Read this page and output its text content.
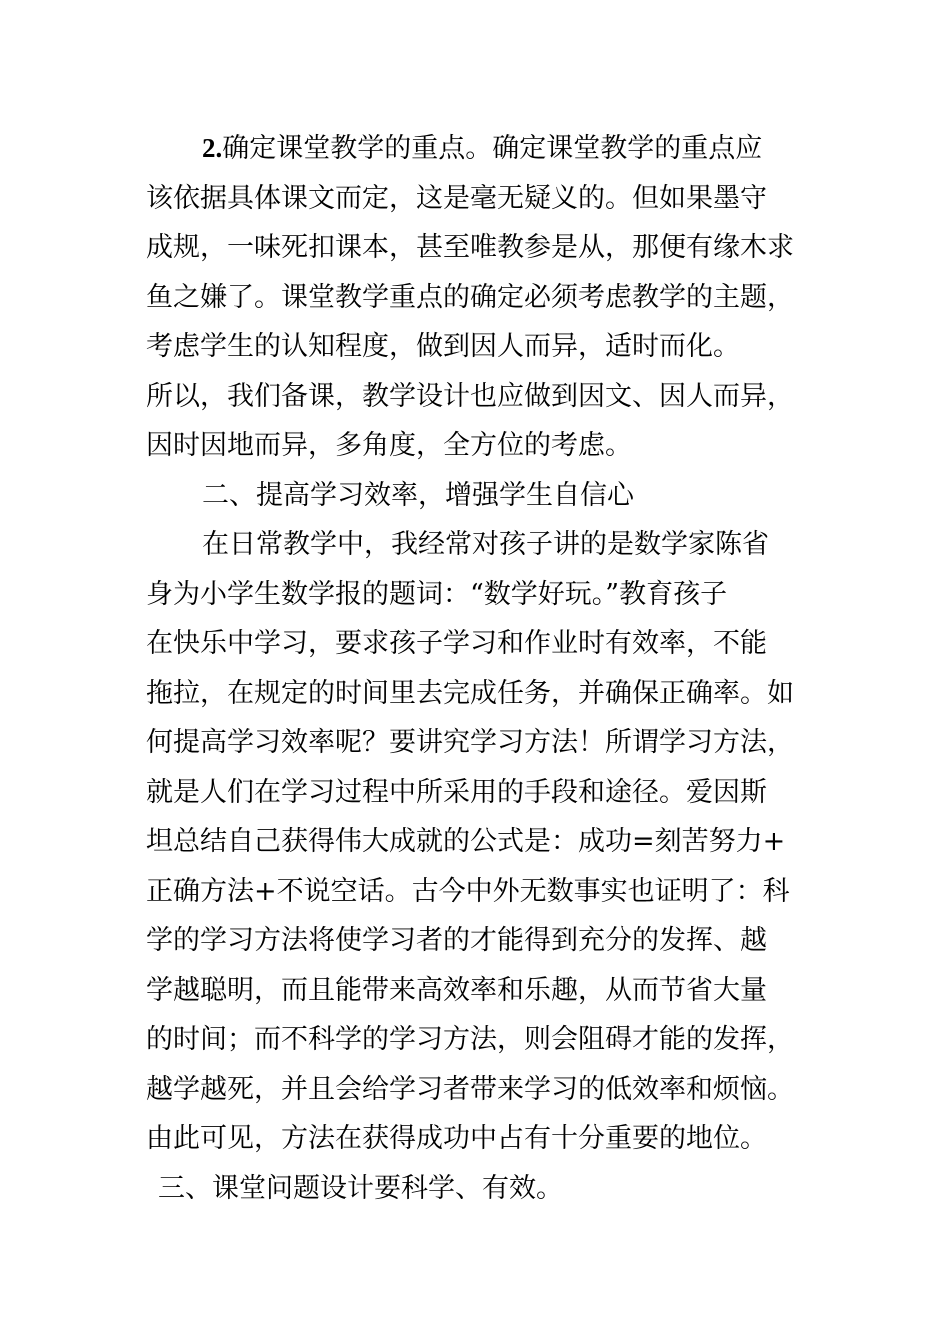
2.确定课堂教学的重点。确定课堂教学的重点应
该依据具体课文而定，这是毫无疑义的。但如果墨守
成规，一味死扣课本，甚至唯教参是从，那便有缘木求
鱼之嫌了。课堂教学重点的确定必须考虑教学的主题，
考虑学生的认知程度，做到因人而异，适时而化。
所以，我们备课，教学设计也应做到因文、因人而异，
因时因地而异，多角度，全方位的考虑。
二、提高学习效率，增强学生自信心
在日常教学中，我经常对孩子讲的是数学家陈省
身为小学生数学报的题词：“数学好玩。”教育孩子
在快乐中学习，要求孩子学习和作业时有效率，不能
拖拉，在规定的时间里去完成任务，并确保正确率。如
何提高学习效率呢？要讲究学习方法！所谓学习方法，
就是人们在学习过程中所采用的手段和途径。爱因斯
坦总结自己获得伟大成就的公式是：成功=刻苦努力+
正确方法+不说空话。古今中外无数事实也证明了：科
学的学习方法将使学习者的才能得到充分的发挥、越
学越聪明，而且能带来高效率和乐趣，从而节省大量
的时间；而不科学的学习方法，则会阻碍才能的发挥，
越学越死，并且会给学习者带来学习的低效率和烦恼。
由此可见，方法在获得成功中占有十分重要的地位。
三、课堂问题设计要科学、有效。
